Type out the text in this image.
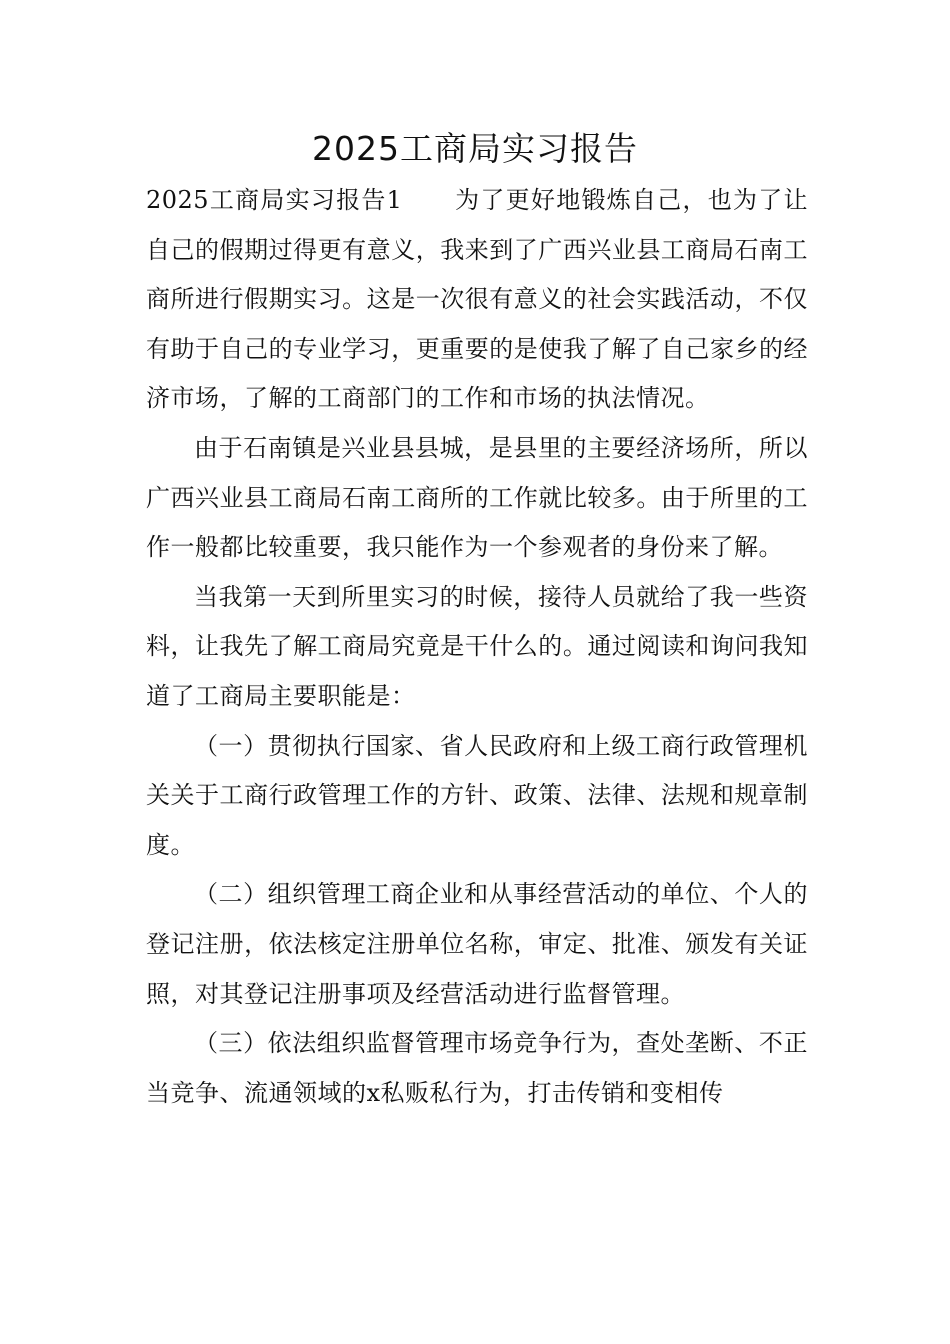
2025工商局实习报告

2025工商局实习报告1 为了更好地锻炼自己，也为了让自己的假期过得更有意义，我来到了广西兴业县工商局石南工商所进行假期实习。这是一次很有意义的社会实践活动，不仅有助于自己的专业学习，更重要的是使我了解了自己家乡的经济市场，了解的工商部门的工作和市场的执法情况。

由于石南镇是兴业县县城，是县里的主要经济场所，所以广西兴业县工商局石南工商所的工作就比较多。由于所里的工作一般都比较重要，我只能作为一个参观者的身份来了解。

当我第一天到所里实习的时候，接待人员就给了我一些资料，让我先了解工商局究竟是干什么的。通过阅读和询问我知道了工商局主要职能是：

（一）贯彻执行国家、省人民政府和上级工商行政管理机关关于工商行政管理工作的方针、政策、法律、法规和规章制度。

（二）组织管理工商企业和从事经营活动的单位、个人的登记注册，依法核定注册单位名称，审定、批准、颁发有关证照，对其登记注册事项及经营活动进行监督管理。

（三）依法组织监督管理市场竞争行为，查处垄断、不正当竞争、流通领域的x私贩私行为，打击传销和变相传
